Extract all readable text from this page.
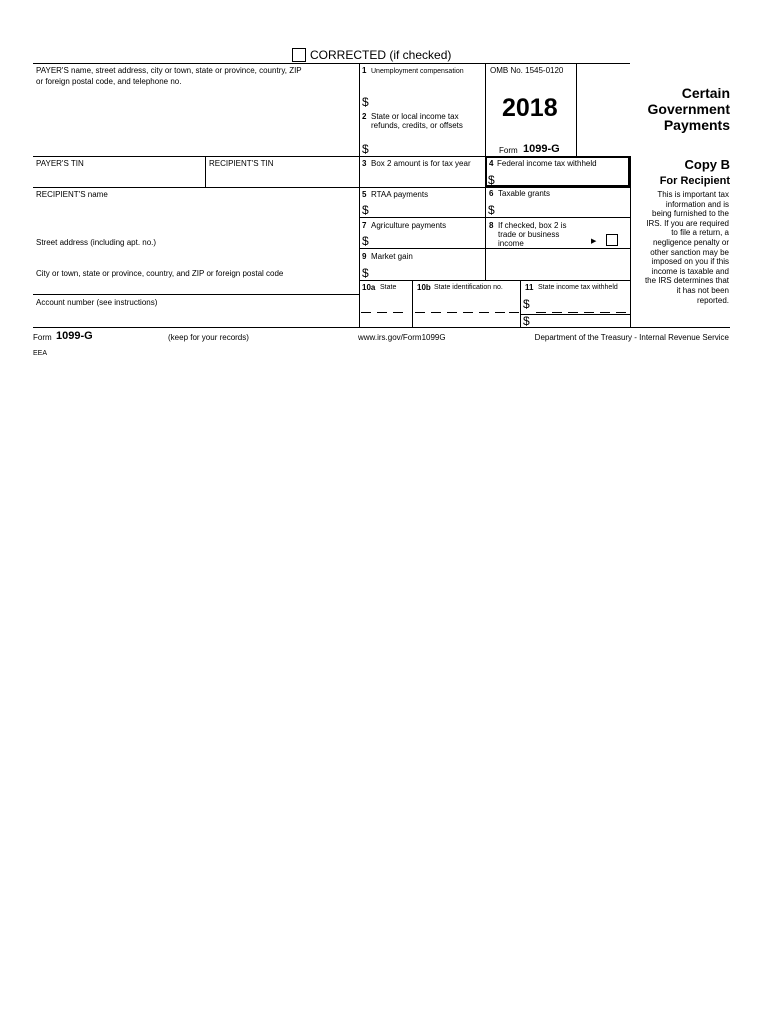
CORRECTED (if checked)
PAYER'S name, street address, city or town, state or province, country, ZIP
or foreign postal code, and telephone no.
PAYER'S TIN	RECIPIENT'S TIN
RECIPIENT'S name
Street address (including apt. no.)
City or town, state or province, country, and ZIP or foreign postal code
Account number (see instructions)
1 Unemployment compensation
$
2 State or local income tax
refunds, credits, or offsets
$
OMB No. 1545-0120
2018
Form 1099-G
Certain
Government
Payments
3 Box 2 amount is for tax year 4 Federal income tax withheld
$
Copy B
For Recipient
This is important tax
information and is
being furnished to the
IRS. If you are required
to file a return, a
negligence penalty or
other sanction may be
imposed on you if this
income is taxable and
the IRS determines that
it has not been
reported.
5 RTAA payments
$
6 Taxable grants
$
7 Agriculture payments
$
8 If checked, box 2 is
trade or business
income	▶
9 Market gain
$
10a State	10b State identification no.	11 State income tax withheld
$
$
Form 1099-G	(keep for your records)	www.irs.gov/Form1099G	Department of the Treasury - Internal Revenue Service
EEA
